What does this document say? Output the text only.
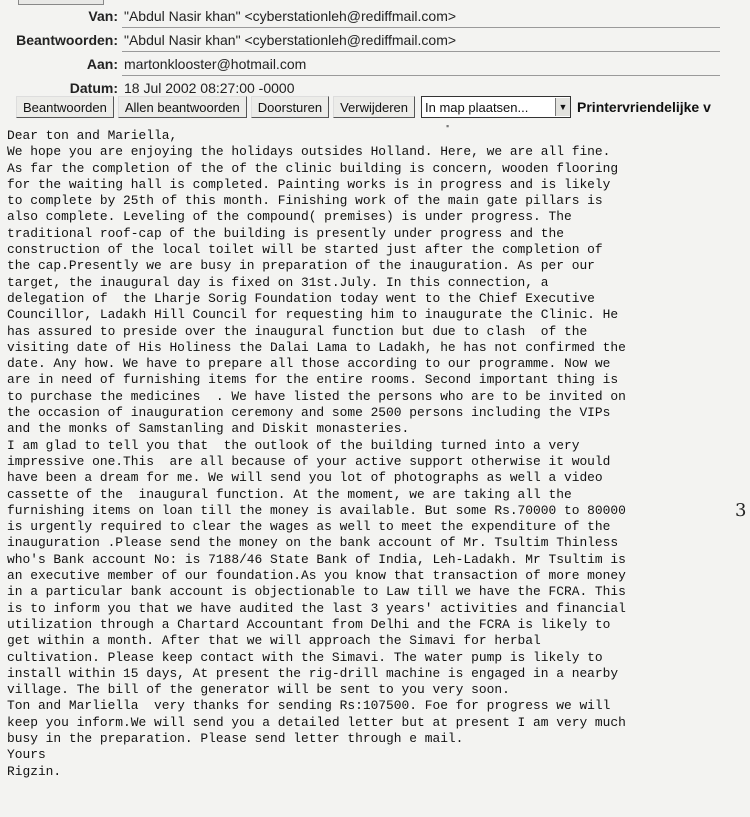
Van: "Abdul Nasir khan" <cyberstationleh@rediffmail.com>
Beantwoorden: "Abdul Nasir khan" <cyberstationleh@rediffmail.com>
Aan: martonklooster@hotmail.com
Datum: 18 Jul 2002 08:27:00 -0000
Beantwoorden	Allen beantwoorden	Doorsturen	Verwijderen	In map plaatsen...	▼ Printervriendelijke v
▪
Dear ton and Mariella,
We hope you are enjoying the holidays outsides Holland. Here, we are all fine.
As far the completion of the of the clinic building is concern, wooden flooring
for the waiting hall is completed. Painting works is in progress and is likely
to complete by 25th of this month. Finishing work of the main gate pillars is
also complete. Leveling of the compound( premises) is under progress. The
traditional roof-cap of the building is presently under progress and the
construction of the local toilet will be started just after the completion of
the cap.Presently we are busy in preparation of the inauguration. As per our
target, the inaugural day is fixed on 31st.July. In this connection, a
delegation of  the Lharje Sorig Foundation today went to the Chief Executive
Councillor, Ladakh Hill Council for requesting him to inaugurate the Clinic. He
has assured to preside over the inaugural function but due to clash  of the
visiting date of His Holiness the Dalai Lama to Ladakh, he has not confirmed the
date. Any how. We have to prepare all those according to our programme. Now we
are in need of furnishing items for the entire rooms. Second important thing is
to purchase the medicines  . We have listed the persons who are to be invited on
the occasion of inauguration ceremony and some 2500 persons including the VIPs
and the monks of Samstanling and Diskit monasteries.
I am glad to tell you that  the outlook of the building turned into a very
impressive one.This  are all because of your active support otherwise it would
have been a dream for me. We will send you lot of photographs as well a video
cassette of the  inaugural function. At the moment, we are taking all the
furnishing items on loan till the money is available. But some Rs.70000 to 80000
is urgently required to clear the wages as well to meet the expenditure of the
inauguration .Please send the money on the bank account of Mr. Tsultim Thinless
who's Bank account No: is 7188/46 State Bank of India, Leh-Ladakh. Mr Tsultim is
an executive member of our foundation.As you know that transaction of more money
in a particular bank account is objectionable to Law till we have the FCRA. This
is to inform you that we have audited the last 3 years' activities and financial
utilization through a Chartard Accountant from Delhi and the FCRA is likely to
get within a month. After that we will approach the Simavi for herbal
cultivation. Please keep contact with the Simavi. The water pump is likely to
install within 15 days, At present the rig-drill machine is engaged in a nearby
village. The bill of the generator will be sent to you very soon.
Ton and Marliella  very thanks for sending Rs:107500. Foe for progress we will
keep you inform.We will send you a detailed letter but at present I am very much
busy in the preparation. Please send letter through e mail.
Yours
Rigzin.
3
